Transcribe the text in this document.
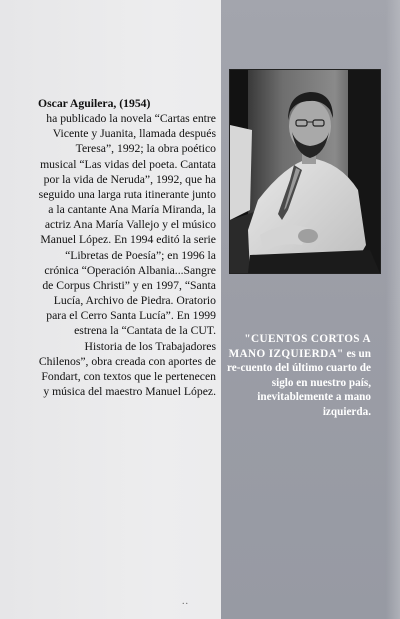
Oscar Aguilera, (1954)

ha publicado la novela “Cartas entre Vicente y Juanita, llamada después Teresa”, 1992; la obra poético musical “Las vidas del poeta. Cantata por la vida de Neruda”, 1992, que ha seguido una larga ruta itinerante junto a la cantante Ana María Miranda, la actriz Ana María Vallejo y el músico Manuel López. En 1994 editó la serie “Libretas de Poesía”; en 1996 la crónica “Operación Albania...Sangre de Corpus Christi” y en 1997, “Santa Lucía, Archivo de Piedra. Oratorio para el Cerro Santa Lucía”. En 1999 estrena la “Cantata de la CUT. Historia de los Trabajadores Chilenos”, obra creada con aportes de Fondart, con textos que le pertenecen y música del maestro Manuel López.

..
"CUENTOS CORTOS A MANO IZQUIERDA" es un re-cuento del último cuarto de siglo en nuestro país, inevitablemente a mano izquierda.
